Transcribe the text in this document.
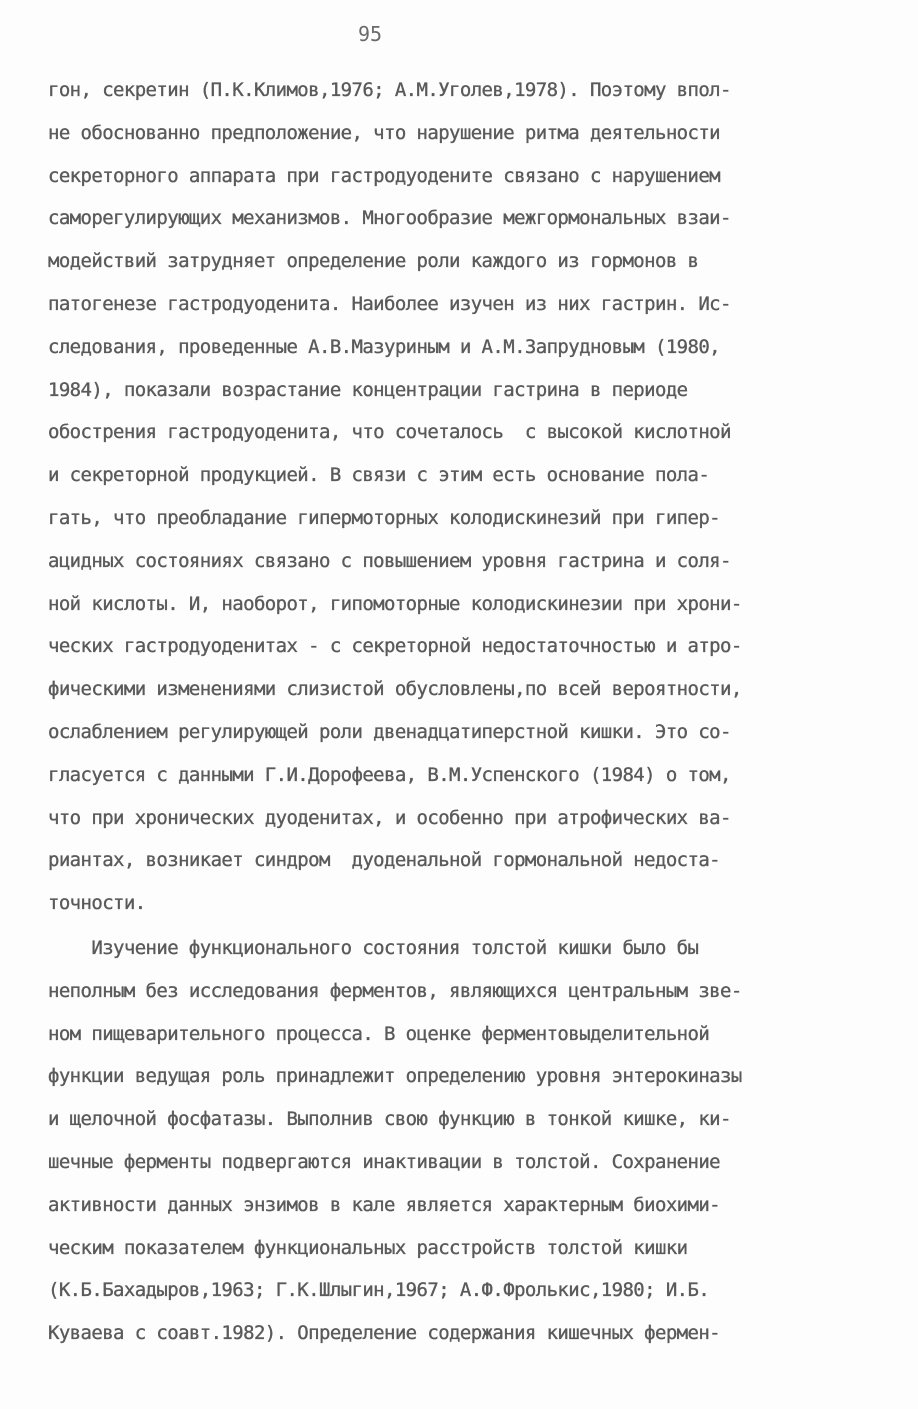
95
гон, секретин (П.К.Климов,1976; А.М.Уголев,1978). Поэтому впол-
не обоснованно предположение, что нарушение ритма деятельности
секреторного аппарата при гастродуодените связано с нарушением
саморегулирующих механизмов. Многообразие межгормональных взаи-
модействий затрудняет определение роли каждого из гормонов в
патогенезе гастродуоденита. Наиболее изучен из них гастрин. Ис-
следования, проведенные А.В.Мазуриным и А.М.Запрудновым (1980,
1984), показали возрастание концентрации гастрина в периоде
обострения гастродуоденита, что сочеталось  с высокой кислотной
и секреторной продукцией. В связи с этим есть основание пола-
гать, что преобладание гипермоторных колодискинезий при гипер-
ацидных состояниях связано с повышением уровня гастрина и соля-
ной кислоты. И, наоборот, гипомоторные колодискинезии при хрони-
ческих гастродуоденитах - с секреторной недостаточностью и атро-
фическими изменениями слизистой обусловлены,по всей вероятности,
ослаблением регулирующей роли двенадцатиперстной кишки. Это со-
гласуется с данными Г.И.Дорофеева, В.М.Успенского (1984) о том,
что при хронических дуоденитах, и особенно при атрофических ва-
риантах, возникает синдром  дуоденальной гормональной недоста-
точности.
Изучение функционального состояния толстой кишки было бы
неполным без исследования ферментов, являющихся центральным зве-
ном пищеварительного процесса. В оценке ферментовыделительной
функции ведущая роль принадлежит определению уровня энтерокиназы
и щелочной фосфатазы. Выполнив свою функцию в тонкой кишке, ки-
шечные ферменты подвергаются инактивации в толстой. Сохранение
активности данных энзимов в кале является характерным биохими-
ческим показателем функциональных расстройств толстой кишки
(К.Б.Бахадыров,1963; Г.К.Шлыгин,1967; А.Ф.Фролькис,1980; И.Б.
Куваева с соавт.1982). Определение содержания кишечных фермен-
